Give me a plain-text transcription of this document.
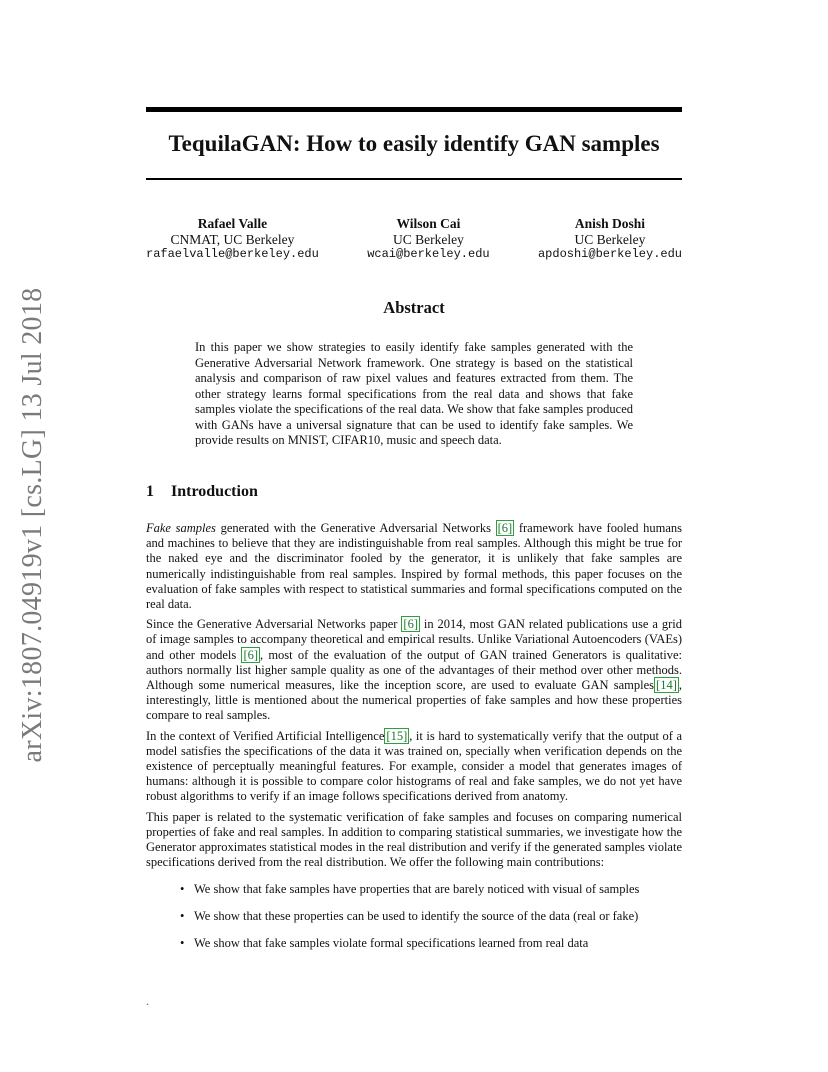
arXiv:1807.04919v1 [cs.LG] 13 Jul 2018
TequilaGAN: How to easily identify GAN samples
Rafael Valle
CNMAT, UC Berkeley
rafaelvalle@berkeley.edu
Wilson Cai
UC Berkeley
wcai@berkeley.edu
Anish Doshi
UC Berkeley
apdoshi@berkeley.edu
Abstract
In this paper we show strategies to easily identify fake samples generated with the Generative Adversarial Network framework. One strategy is based on the statistical analysis and comparison of raw pixel values and features extracted from them. The other strategy learns formal specifications from the real data and shows that fake samples violate the specifications of the real data. We show that fake samples produced with GANs have a universal signature that can be used to identify fake samples. We provide results on MNIST, CIFAR10, music and speech data.
1 Introduction

Fake samples generated with the Generative Adversarial Networks [6] framework have fooled humans and machines to believe that they are indistinguishable from real samples. Although this might be true for the naked eye and the discriminator fooled by the generator, it is unlikely that fake samples are numerically indistinguishable from real samples. Inspired by formal methods, this paper focuses on the evaluation of fake samples with respect to statistical summaries and formal specifications computed on the real data.

Since the Generative Adversarial Networks paper [6] in 2014, most GAN related publications use a grid of image samples to accompany theoretical and empirical results. Unlike Variational Autoencoders (VAEs) and other models [6] , most of the evaluation of the output of GAN trained Generators is qualitative: authors normally list higher sample quality as one of the advantages of their method over other methods. Although some numerical measures, like the inception score, are used to evaluate GAN samples [14] , interestingly, little is mentioned about the numerical properties of fake samples and how these properties compare to real samples.

In the context of Verified Artificial Intelligence [15] , it is hard to systematically verify that the output of a model satisfies the specifications of the data it was trained on, specially when verification depends on the existence of perceptually meaningful features. For example, consider a model that generates images of humans: although it is possible to compare color histograms of real and fake samples, we do not yet have robust algorithms to verify if an image follows specifications derived from anatomy.

This paper is related to the systematic verification of fake samples and focuses on comparing numerical properties of fake and real samples. In addition to comparing statistical summaries, we investigate how the Generator approximates statistical modes in the real distribution and verify if the generated samples violate specifications derived from the real distribution. We offer the following main contributions:

• We show that fake samples have properties that are barely noticed with visual of samples
• We show that these properties can be used to identify the source of the data (real or fake)
• We show that fake samples violate formal specifications learned from real data
.
